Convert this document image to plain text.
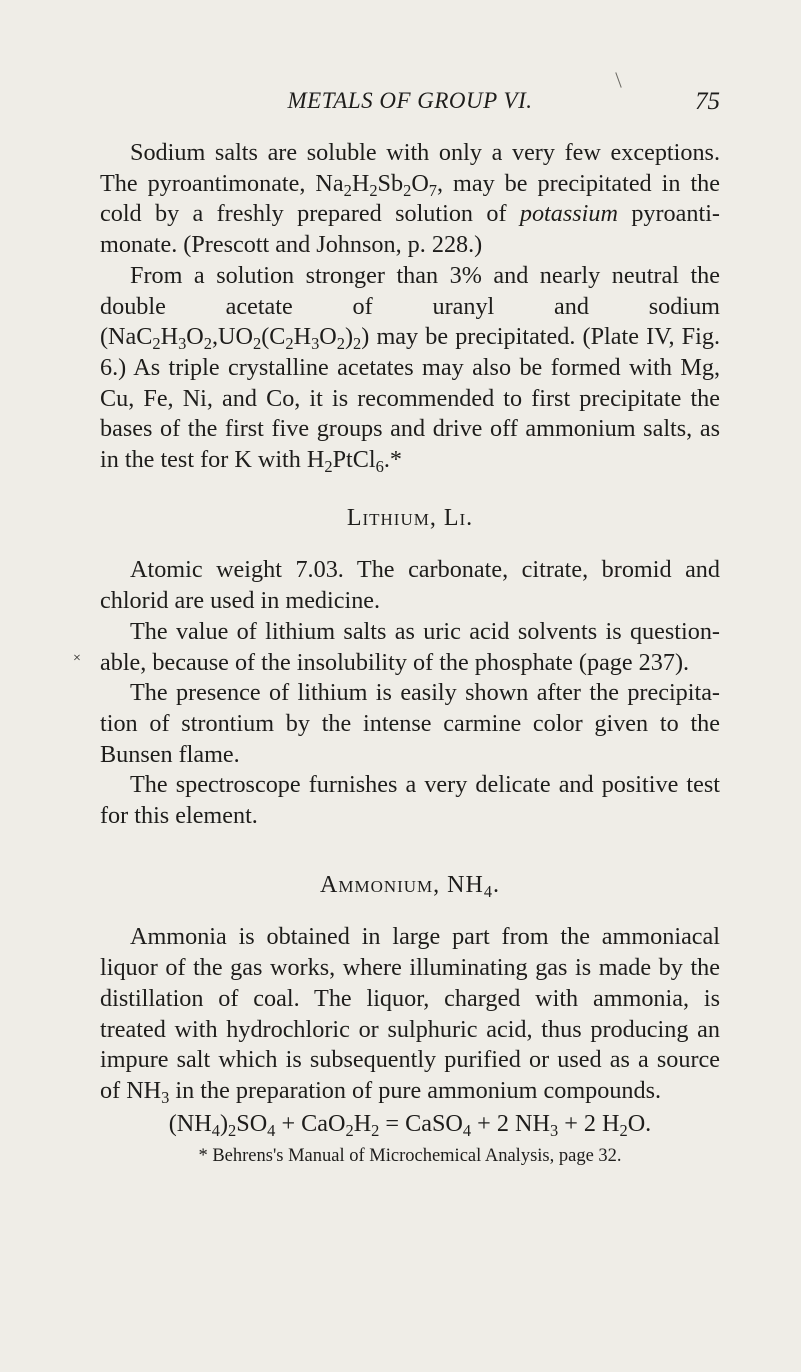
METALS OF GROUP VI.	75
×

Sodium salts are soluble with only a very few exceptions. The pyroantimonate, $Na_2H_2Sb_2O_7$, may be precipitated in the cold by a freshly prepared solution of potassium pyroanti-monate. (Prescott and Johnson, p. 228.)

From a solution stronger than 3% and nearly neutral the double acetate of uranyl and sodium $(NaC_2H_3O_2,UO_2(C_2H_3O_2)_2)$ may be precipitated. (Plate IV, Fig. 6.) As triple crystalline acetates may also be formed with Mg, Cu, Fe, Ni, and Co, it is recommended to first precipitate the bases of the first five groups and drive off ammonium salts, as in the test for K with $H_2PtCl_6.*$

Lithium, Li.

Atomic weight 7.03. The carbonate, citrate, bromid and chlorid are used in medicine.

The value of lithium salts as uric acid solvents is question-able, because of the insolubility of the phosphate (page 237).

The presence of lithium is easily shown after the precipita-tion of strontium by the intense carmine color given to the Bunsen flame.

The spectroscope furnishes a very delicate and positive test for this element.

Ammonium, $NH_4$.

Ammonia is obtained in large part from the ammoniacal liquor of the gas works, where illuminating gas is made by the distillation of coal. The liquor, charged with ammonia, is treated with hydrochloric or sulphuric acid, thus producing an impure salt which is subsequently purified or used as a source of $NH_3$ in the preparation of pure ammonium compounds.

$(NH_4)_2SO_4 + CaO_2H_2$ = CaSO$_4$ + 2 $NH_3 + 2$ $H_2O$.
* Behrens's Manual of Microchemical Analysis, page 32.
